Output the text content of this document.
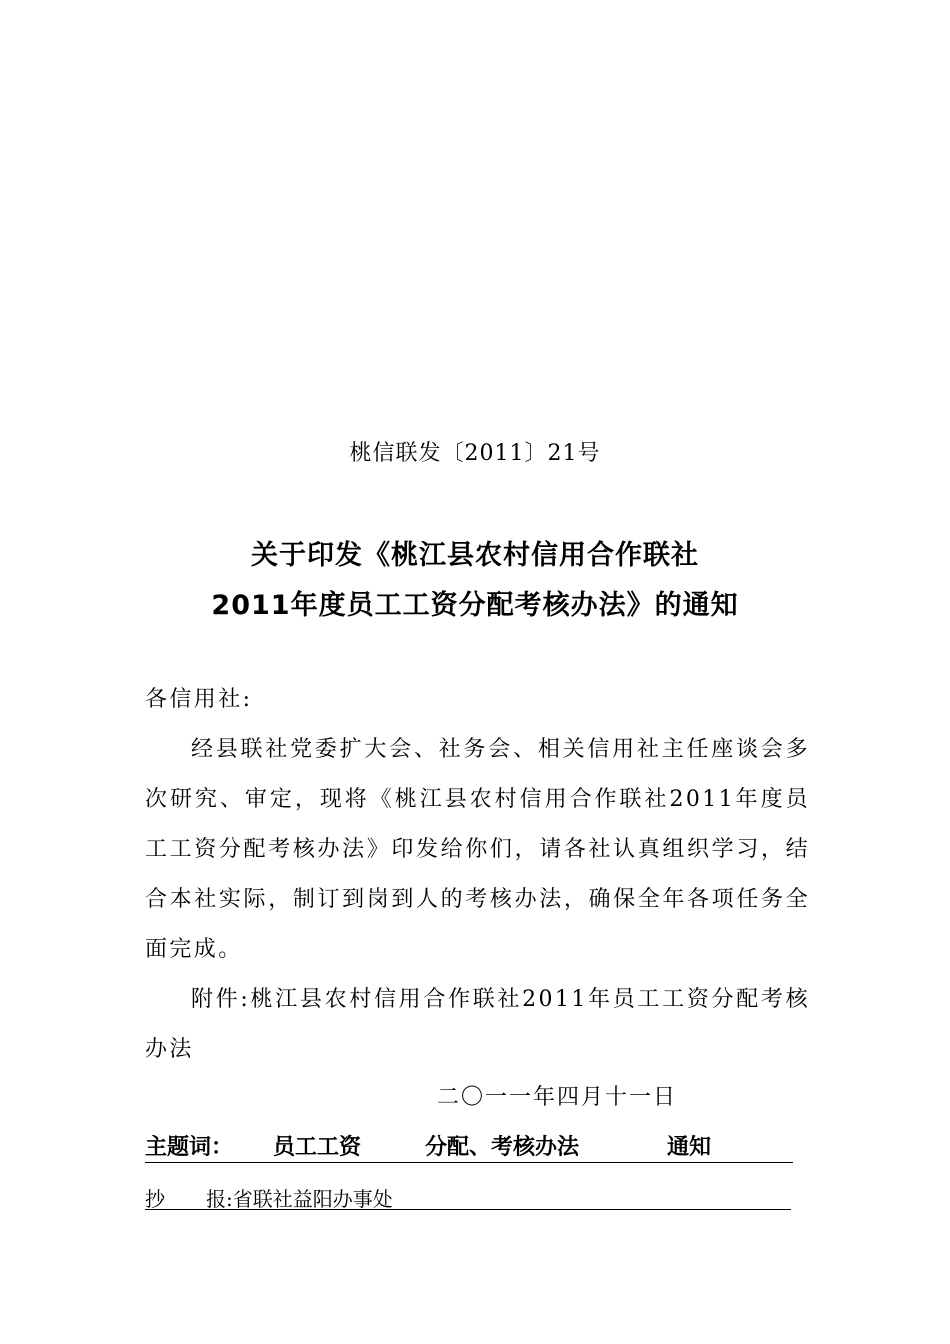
桃信联发〔2011〕21号
关于印发《桃江县农村信用合作联社
2011年度员工工资分配考核办法》的通知
各信用社:
经县联社党委扩大会、社务会、相关信用社主任座谈会多次研究、审定，现将《桃江县农村信用合作联社2011年度员工工资分配考核办法》印发给你们，请各社认真组织学习，结合本社实际，制订到岗到人的考核办法，确保全年各项任务全面完成。
附件:桃江县农村信用合作联社2011年员工工资分配考核办法
二〇一一年四月十一日
主题词： 员工工资	分配、考核办法	通知
抄 报:省联社益阳办事处
